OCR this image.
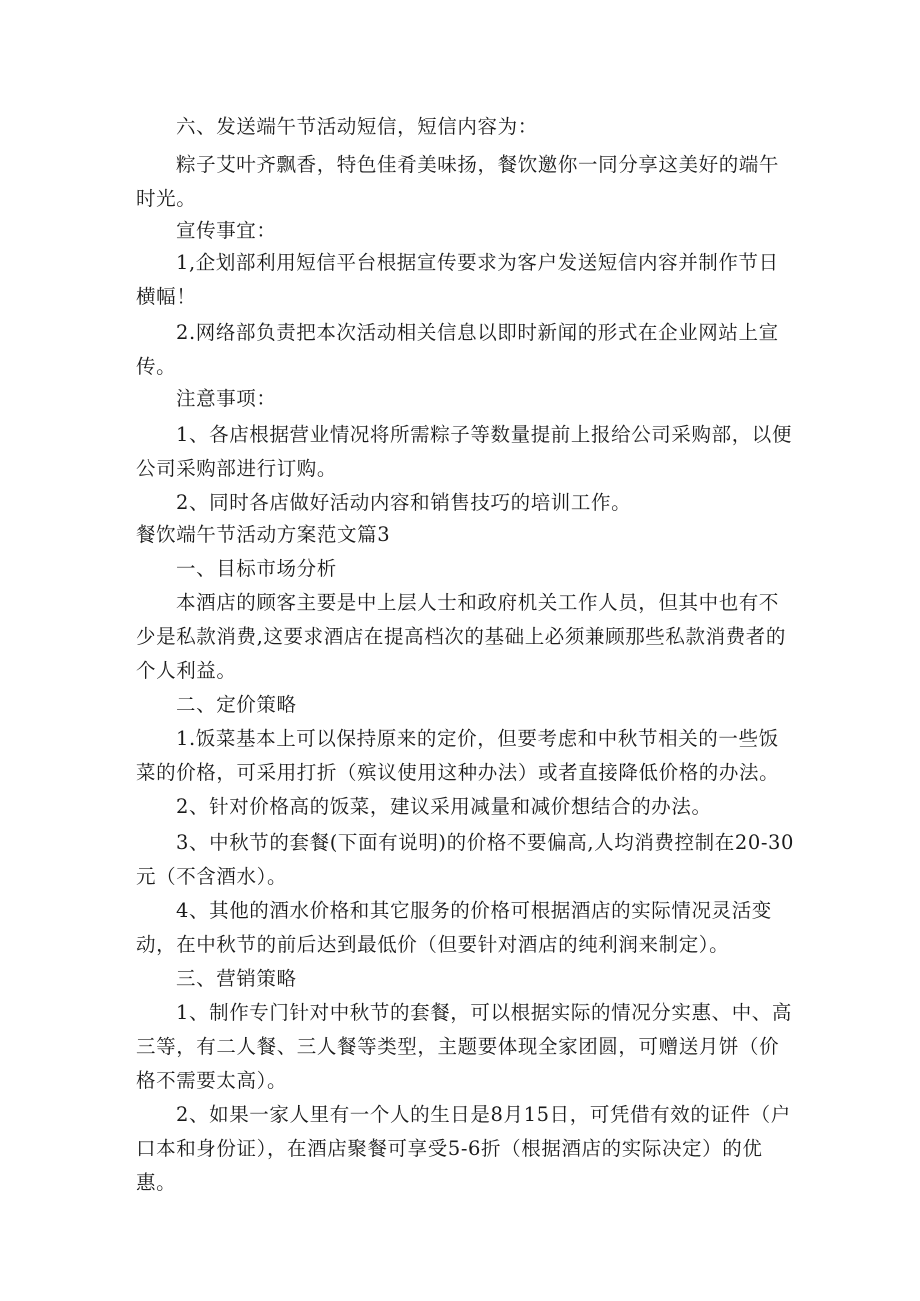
六、发送端午节活动短信，短信内容为：

粽子艾叶齐飘香，特色佳肴美味扬，餐饮邀你一同分享这美好的端午时光。

宣传事宜：

1,企划部利用短信平台根据宣传要求为客户发送短信内容并制作节日横幅！

2.网络部负责把本次活动相关信息以即时新闻的形式在企业网站上宣传。

注意事项：

1、各店根据营业情况将所需粽子等数量提前上报给公司采购部，以便公司采购部进行订购。

2、同时各店做好活动内容和销售技巧的培训工作。

餐饮端午节活动方案范文篇3

一、目标市场分析

本酒店的顾客主要是中上层人士和政府机关工作人员，但其中也有不少是私款消费,这要求酒店在提高档次的基础上必须兼顾那些私款消费者的个人利益。

二、定价策略

1.饭菜基本上可以保持原来的定价，但要考虑和中秋节相关的一些饭菜的价格，可采用打折（殡议使用这种办法）或者直接降低价格的办法。

2、针对价格高的饭菜，建议采用减量和减价想结合的办法。

3、中秋节的套餐(下面有说明)的价格不要偏高,人均消费控制在20-30元（不含酒水）。

4、其他的酒水价格和其它服务的价格可根据酒店的实际情况灵活变动，在中秋节的前后达到最低价（但要针对酒店的纯利润来制定）。

三、营销策略

1、制作专门针对中秋节的套餐，可以根据实际的情况分实惠、中、高三等，有二人餐、三人餐等类型，主题要体现全家团圆，可赠送月饼（价格不需要太高）。

2、如果一家人里有一个人的生日是8月15日，可凭借有效的证件（户口本和身份证），在酒店聚餐可享受5-6折（根据酒店的实际决定）的优惠。
